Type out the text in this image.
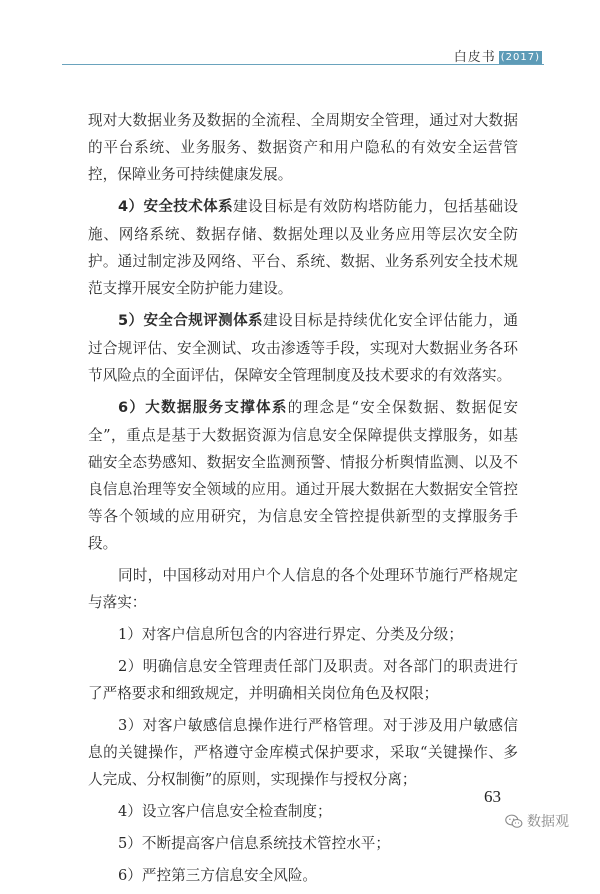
白皮书 (2017)

现对大数据业务及数据的全流程、全周期安全管理，通过对大数据的平台系统、业务服务、数据资产和用户隐私的有效安全运营管控，保障业务可持续健康发展。

4）安全技术体系建设目标是有效防构塔防能力，包括基础设施、网络系统、数据存储、数据处理以及业务应用等层次安全防护。通过制定涉及网络、平台、系统、数据、业务系列安全技术规范支撑开展安全防护能力建设。

5）安全合规评测体系建设目标是持续优化安全评估能力，通过合规评估、安全测试、攻击渗透等手段，实现对大数据业务各环节风险点的全面评估，保障安全管理制度及技术要求的有效落实。

6）大数据服务支撑体系的理念是“安全保数据、数据促安全”，重点是基于大数据资源为信息安全保障提供支撑服务，如基础安全态势感知、数据安全监测预警、情报分析舆情监测、以及不良信息治理等安全领域的应用。通过开展大数据在大数据安全管控等各个领域的应用研究，为信息安全管控提供新型的支撑服务手段。

同时，中国移动对用户个人信息的各个处理环节施行严格规定与落实：

1）对客户信息所包含的内容进行界定、分类及分级；

2）明确信息安全管理责任部门及职责。对各部门的职责进行了严格要求和细致规定，并明确相关岗位角色及权限；

3）对客户敏感信息操作进行严格管理。对于涉及用户敏感信息的关键操作，严格遵守金库模式保护要求，采取“关键操作、多人完成、分权制衡”的原则，实现操作与授权分离；

4）设立客户信息安全检查制度；

5）不断提高客户信息系统技术管控水平；

6）严控第三方信息安全风险。

63
数据观
